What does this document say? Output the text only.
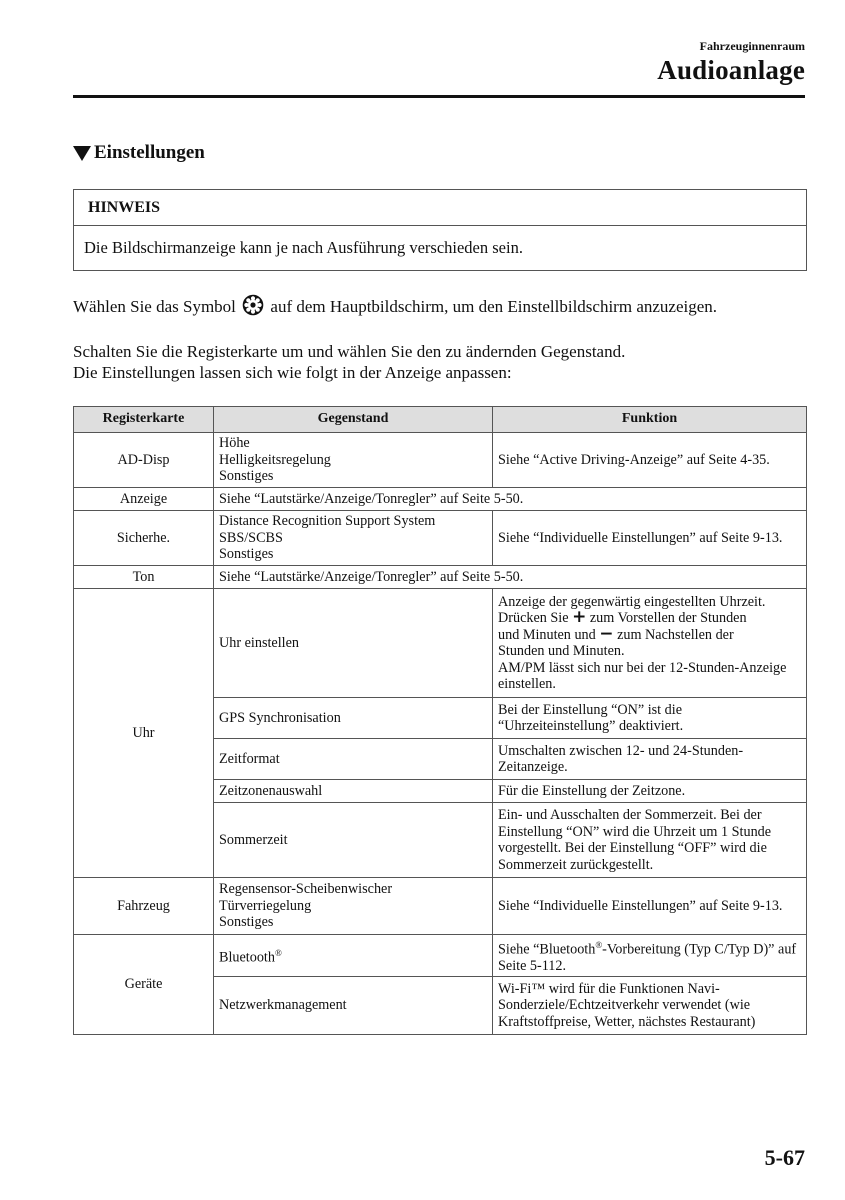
Fahrzeuginnenraum
Audioanlage
Einstellungen
HINWEIS
Die Bildschirmanzeige kann je nach Ausführung verschieden sein.
Wählen Sie das Symbol auf dem Hauptbildschirm, um den Einstellbildschirm anzuzeigen.
Schalten Sie die Registerkarte um und wählen Sie den zu ändernden Gegenstand.
Die Einstellungen lassen sich wie folgt in der Anzeige anpassen:
Registerkarte	Gegenstand	Funktion
AD-Disp	Höhe
Helligkeitsregelung
Sonstiges	Siehe “Active Driving-Anzeige” auf Seite 4-35.
Anzeige	Siehe “Lautstärke/Anzeige/Tonregler” auf Seite 5-50.	
Sicherhe.	Distance Recognition Support System
SBS/SCBS
Sonstiges	Siehe “Individuelle Einstellungen” auf Seite 9-13.
Ton	Siehe “Lautstärke/Anzeige/Tonregler” auf Seite 5-50.	
Uhr	Uhr einstellen	Anzeige der gegenwärtig eingestellten Uhrzeit.
Drücken Sie + zum Vorstellen der Stunden
und Minuten und − zum Nachstellen der
Stunden und Minuten.
AM/PM lässt sich nur bei der 12-Stunden-Anzeige einstellen.

	GPS Synchronisation	Bei der Einstellung “ON” ist die “Uhrzeiteinstellung” deaktiviert.
	Zeitformat	Umschalten zwischen 12- und 24-Stunden-Zeitanzeige.
	Zeitzonenauswahl	Für die Einstellung der Zeitzone.
	Sommerzeit	Ein- und Ausschalten der Sommerzeit. Bei der Einstellung “ON” wird die Uhrzeit um 1 Stunde vorgestellt. Bei der Einstellung “OFF” wird die Sommerzeit zurückgestellt.
Fahrzeug	Regensensor-Scheibenwischer
Türverriegelung
Sonstiges	Siehe “Individuelle Einstellungen” auf Seite 9-13.
Geräte	Bluetooth®	Siehe “Bluetooth®-Vorbereitung (Typ C/Typ D)” auf Seite 5-112.
	Netzwerkmanagement	Wi-Fi™ wird für die Funktionen Navi-Sonderziele/Echtzeitverkehr verwendet (wie Kraftstoffpreise, Wetter, nächstes Restaurant)
5-67
